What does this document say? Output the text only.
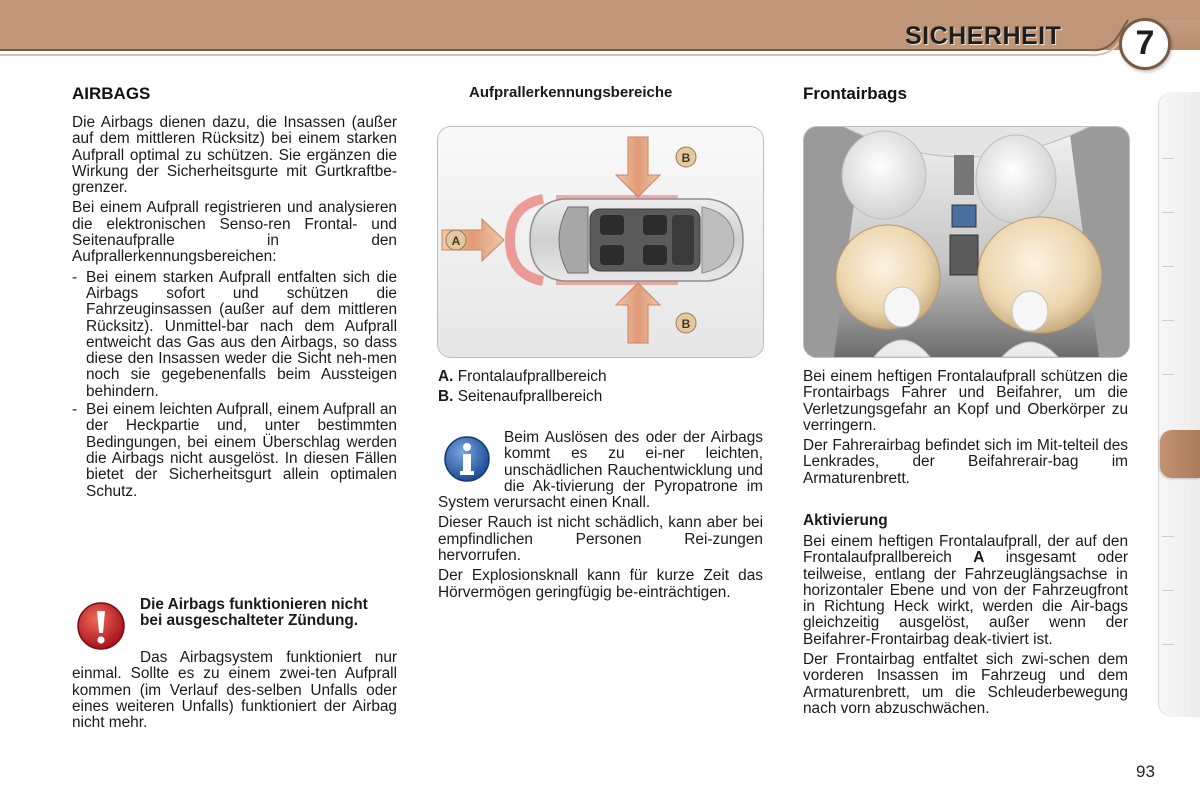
SICHERHEIT	7
AIRBAGS

Die Airbags dienen dazu, die Insassen (außer auf dem mittleren Rücksitz) bei einem starken Aufprall optimal zu schützen. Sie ergänzen die Wirkung der Sicherheitsgurte mit Gurtkraftbe-grenzer.

Bei einem Aufprall registrieren und analysieren die elektronischen Senso-ren Frontal- und Seitenaufpralle in den Aufprallerkennungsbereichen:

- Bei einem starken Aufprall entfalten sich die Airbags sofort und schützen die Fahrzeuginsassen (außer auf dem mittleren Rücksitz). Unmittel-bar nach dem Aufprall entweicht das Gas aus den Airbags, so dass diese den Insassen weder die Sicht neh-men noch sie gegebenenfalls beim Aussteigen behindern.
- Bei einem leichten Aufprall, einem Aufprall an der Heckpartie und, unter bestimmten Bedingungen, bei einem Überschlag werden die Airbags nicht ausgelöst. In diesen Fällen bietet der Sicherheitsgurt allein optimalen Schutz.
Die Airbags funktionieren nicht bei ausgeschalteter Zündung.
Das Airbagsystem funktioniert nur einmal. Sollte es zu einem zwei-ten Aufprall kommen (im Verlauf des-selben Unfalls oder eines weiteren Unfalls) funktioniert der Airbag nicht mehr.
Aufprallerkennungsbereiche
B
B
A

A. Frontalaufprallbereich

B. Seitenaufprallbereich

Beim Auslösen des oder der Airbags kommt es zu ei-ner leichten, unschädlichen Rauchentwicklung und die Ak-tivierung der Pyropatrone im System verursacht einen Knall.

Dieser Rauch ist nicht schädlich, kann aber bei empfindlichen Personen Rei-zungen hervorrufen.

Der Explosionsknall kann für kurze Zeit das Hörvermögen geringfügig be-einträchtigen.

Frontairbags

Bei einem heftigen Frontalaufprall schützen die Frontairbags Fahrer und Beifahrer, um die Verletzungsgefahr an Kopf und Oberkörper zu verringern.

Der Fahrerairbag befindet sich im Mit-telteil des Lenkrades, der Beifahrerair-bag im Armaturenbrett.

Aktivierung

Bei einem heftigen Frontalaufprall, der auf den Frontalaufprallbereich A insgesamt oder teilweise, entlang der Fahrzeuglängsachse in horizontaler Ebene und von der Fahrzeugfront in Richtung Heck wirkt, werden die Air-bags gleichzeitig ausgelöst, außer wenn der Beifahrer-Frontairbag deak-tiviert ist.

Der Frontairbag entfaltet sich zwi-schen dem vorderen Insassen im Fahrzeug und dem Armaturenbrett, um die Schleuderbewegung nach vorn abzuschwächen.

93
